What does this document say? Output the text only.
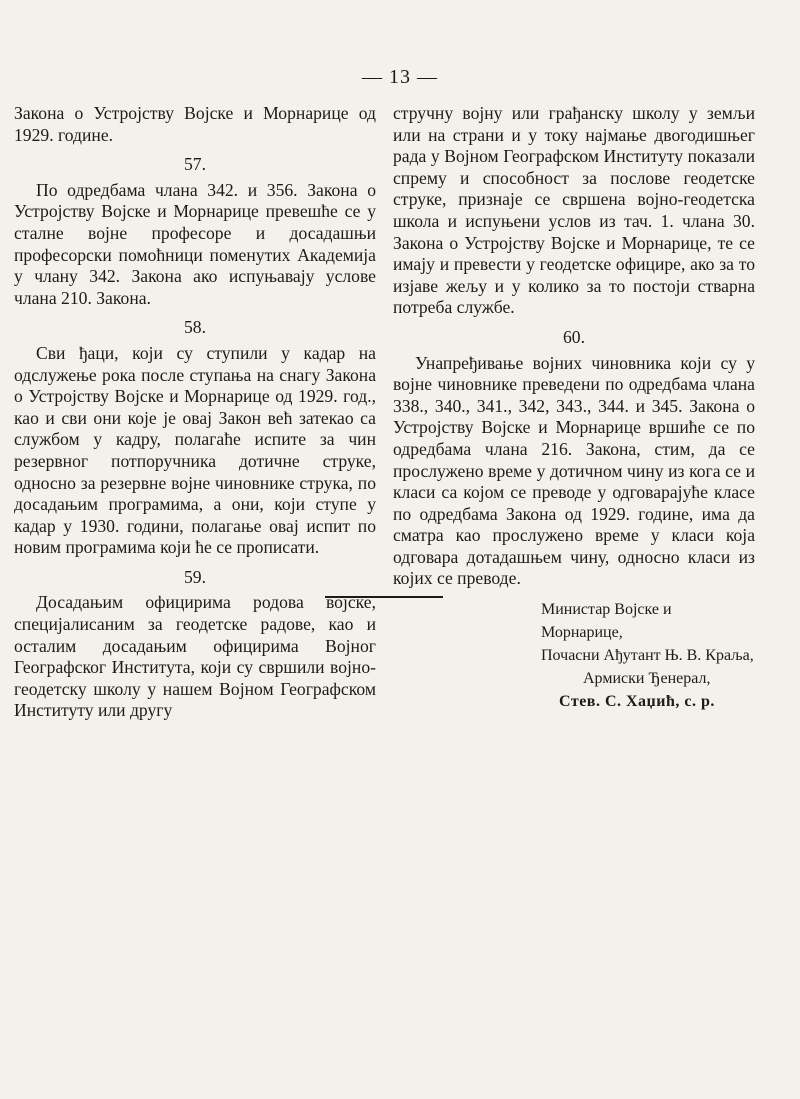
— 13 —

Закона о Устројству Војске и Морнарице од 1929. године.

57.

По одредбама члана 342. и 356. Закона о Устројству Војске и Морнарице превешће се у сталне војне професоре и досадашњи професорски помоћници поменутих Академија у члану 342. Закона ако испуњавају услове члана 210. Закона.

58.

Сви ђаци, који су ступили у кадар на одслужење рока после ступања на снагу Закона о Устројству Војске и Морнарице од 1929. год., као и сви они које је овај Закон већ затекао са службом у кадру, полагаће испите за чин резервног потпоручника дотичне струке, односно за резервне војне чиновнике струка, по досадањим програмима, а они, који ступе у кадар у 1930. години, полагање овај испит по новим програмима који ће се прописати.

59.

Досадањим официрима родова војске, специјалисаним за геодетске радове, као и осталим досадањим официрима Војног Географског Института, који су свршили војно-геодетску школу у нашем Војном Географском Институту или другу

стручну војну или грађанску школу у земљи или на страни и у току најмање двогодишњег рада у Војном Географском Институту показали спрему и способност за послове геодетске струке, признаје се свршена војно-геодетска школа и испуњени услов из тач. 1. члана 30. Закона о Устројству Војске и Морнарице, те се имају и превести у геодетске официре, ако за то изјаве жељу и у колико за то постоји стварна потреба службе.

60.

Унапређивање војних чиновника који су у војне чиновнике преведени по одредбама члана 338., 340., 341., 342, 343., 344. и 345. Закона о Устројству Војске и Морнарице вршиће се по одредбама члана 216. Закона, стим, да се прослужено време у дотичном чину из кога се и класи са којом се преводе у одговарајуће класе по одредбама Закона од 1929. године, има да сматра као прослужено време у класи која одговара дотадашњем чину, односно класи из којих се преводе.

Министар Војске и Морнарице,
Почасни Ађутант Њ. В. Краља,
Армиски Ђенерал,
Стев. С. Хаџић, с. р.
